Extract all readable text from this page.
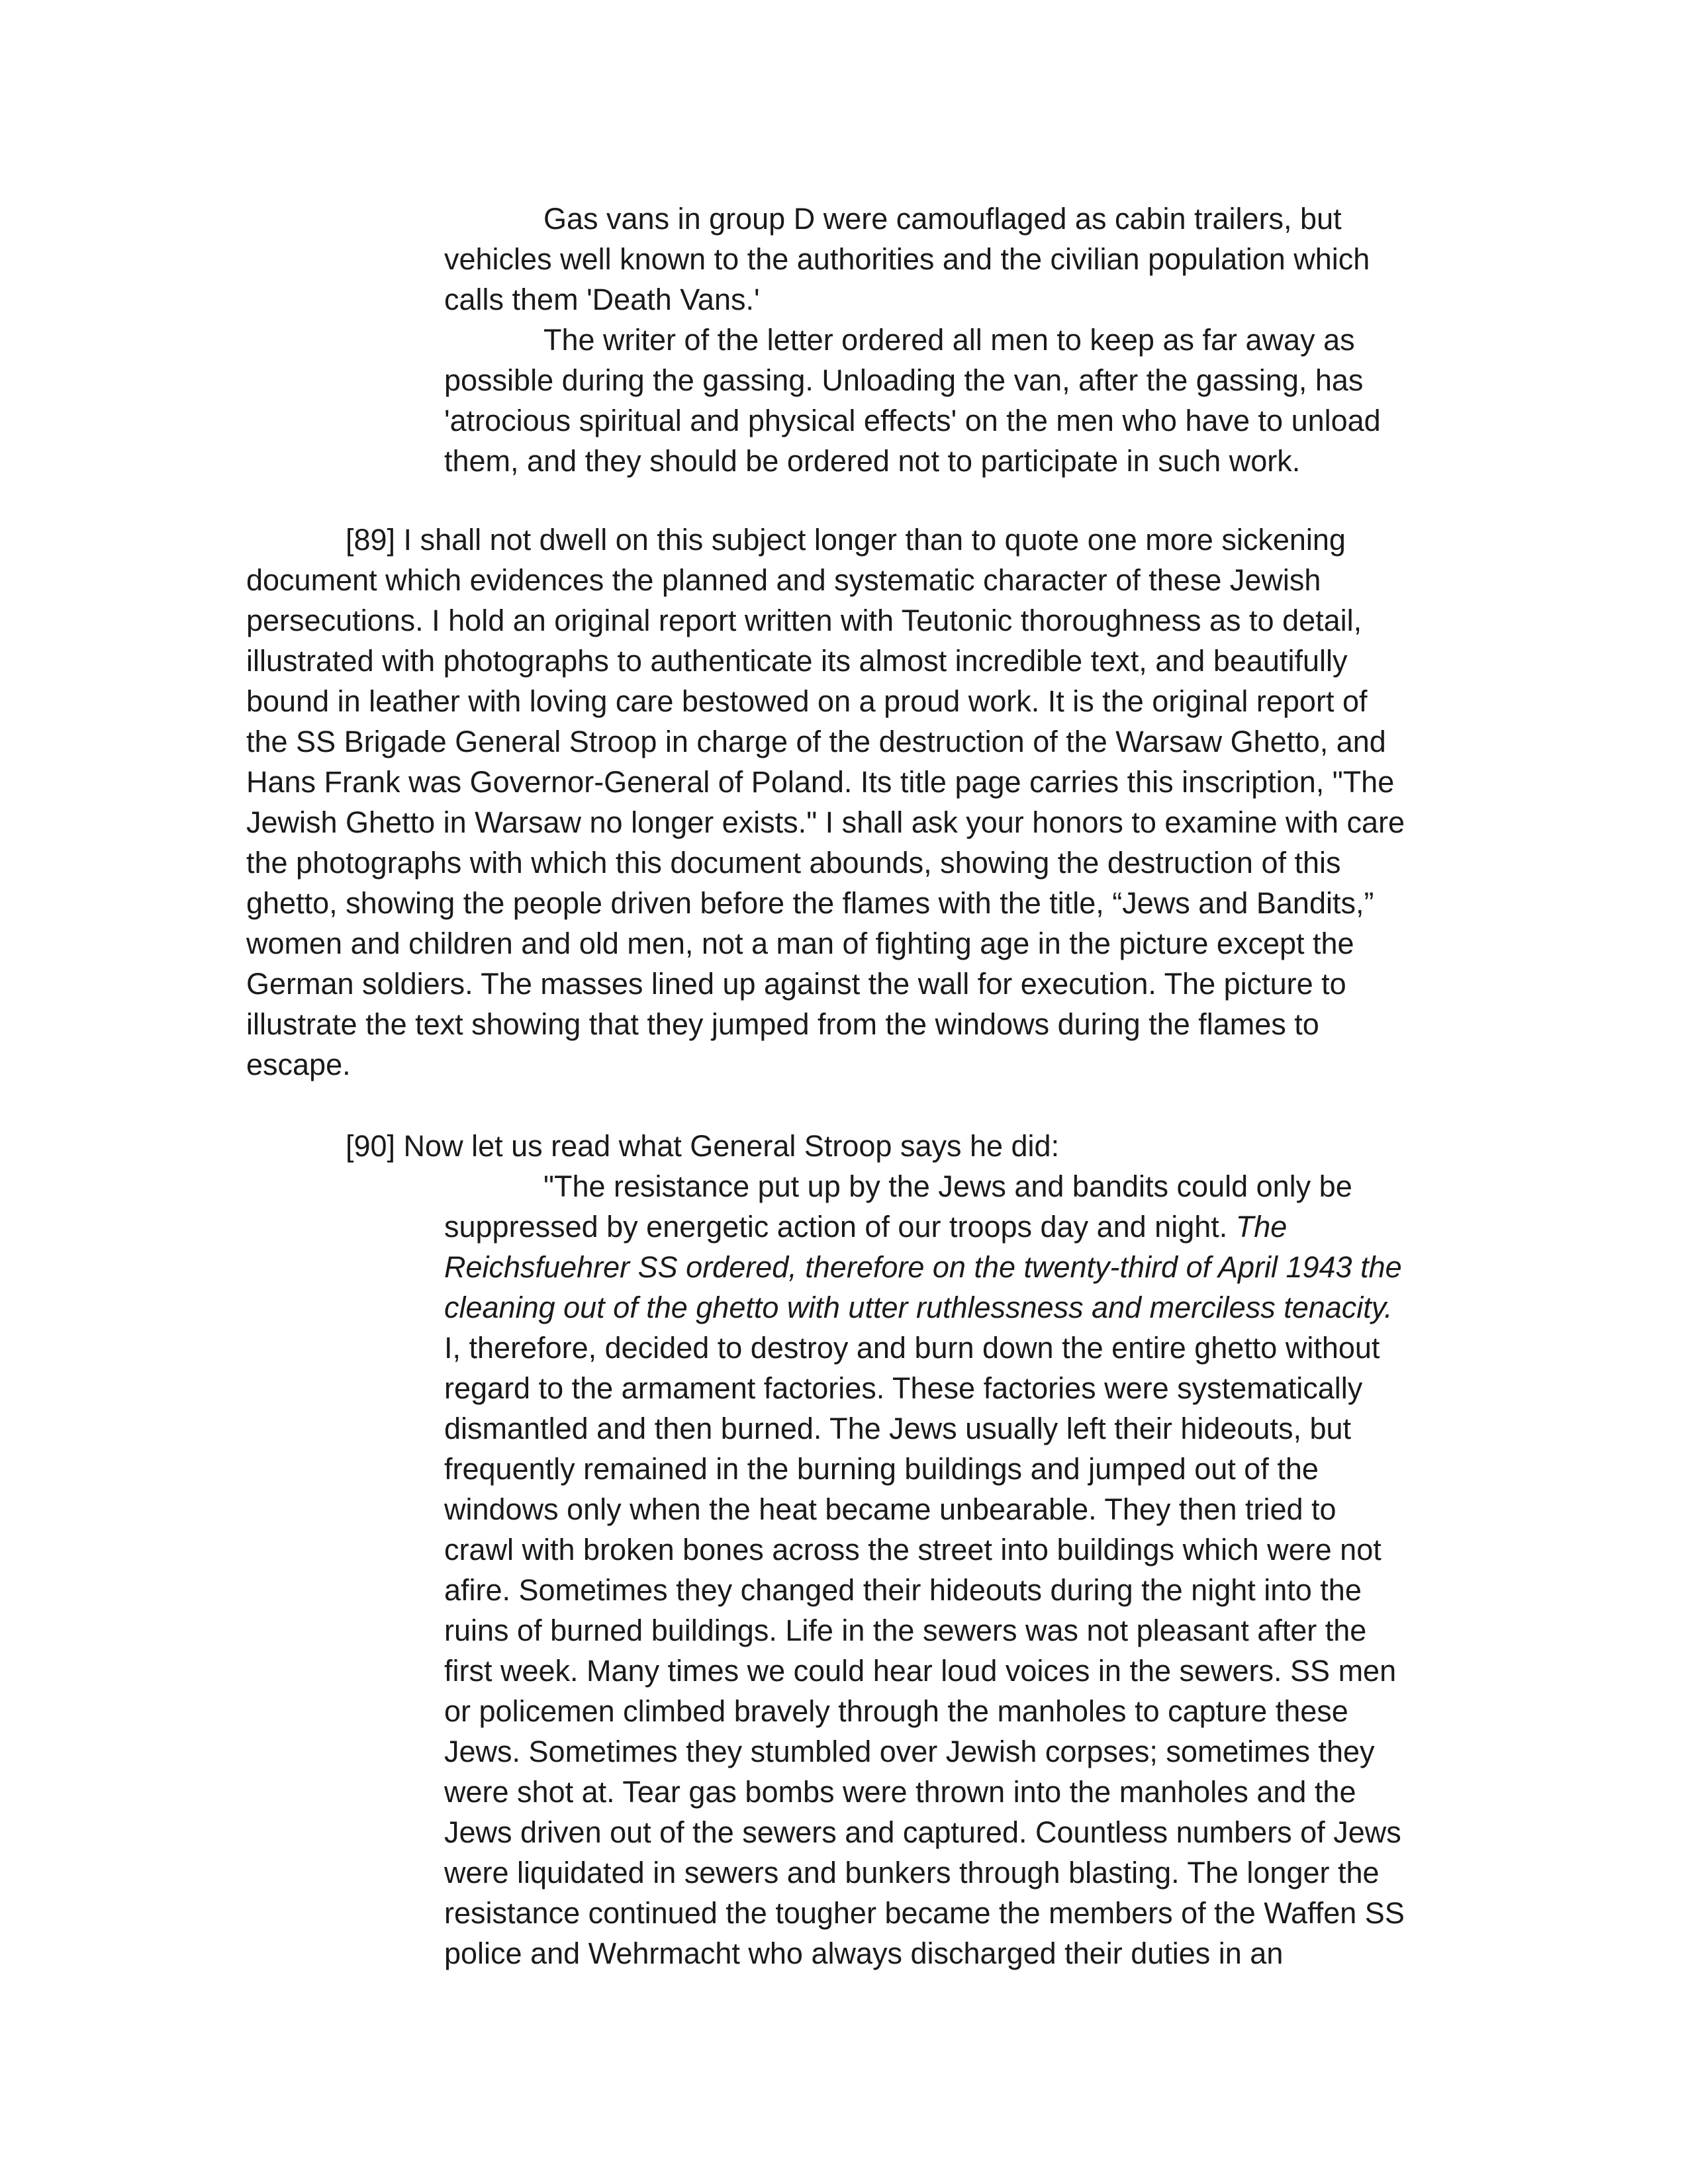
Gas vans in group D were camouflaged as cabin trailers, but
vehicles well known to the authorities and the civilian population which
calls them 'Death Vans.'
The writer of the letter ordered all men to keep as far away as
possible during the gassing. Unloading the van, after the gassing, has
'atrocious spiritual and physical effects' on the men who have to unload
them, and they should be ordered not to participate in such work.
[89] I shall not dwell on this subject longer than to quote one more sickening
document which evidences the planned and systematic character of these Jewish
persecutions. I hold an original report written with Teutonic thoroughness as to detail,
illustrated with photographs to authenticate its almost incredible text, and beautifully
bound in leather with loving care bestowed on a proud work. It is the original report of
the SS Brigade General Stroop in charge of the destruction of the Warsaw Ghetto, and
Hans Frank was Governor-General of Poland. Its title page carries this inscription, "The
Jewish Ghetto in Warsaw no longer exists." I shall ask your honors to examine with care
the photographs with which this document abounds, showing the destruction of this
ghetto, showing the people driven before the flames with the title, “Jews and Bandits,”
women and children and old men, not a man of fighting age in the picture except the
German soldiers. The masses lined up against the wall for execution. The picture to
illustrate the text showing that they jumped from the windows during the flames to
escape.
[90] Now let us read what General Stroop says he did:
"The resistance put up by the Jews and bandits could only be
suppressed by energetic action of our troops day and night. The
Reichsfuehrer SS ordered, therefore on the twenty-third of April 1943 the
cleaning out of the ghetto with utter ruthlessness and merciless tenacity.
I, therefore, decided to destroy and burn down the entire ghetto without
regard to the armament factories. These factories were systematically
dismantled and then burned. The Jews usually left their hideouts, but
frequently remained in the burning buildings and jumped out of the
windows only when the heat became unbearable. They then tried to
crawl with broken bones across the street into buildings which were not
afire. Sometimes they changed their hideouts during the night into the
ruins of burned buildings. Life in the sewers was not pleasant after the
first week. Many times we could hear loud voices in the sewers. SS men
or policemen climbed bravely through the manholes to capture these
Jews. Sometimes they stumbled over Jewish corpses; sometimes they
were shot at. Tear gas bombs were thrown into the manholes and the
Jews driven out of the sewers and captured. Countless numbers of Jews
were liquidated in sewers and bunkers through blasting. The longer the
resistance continued the tougher became the members of the Waffen SS
police and Wehrmacht who always discharged their duties in an
